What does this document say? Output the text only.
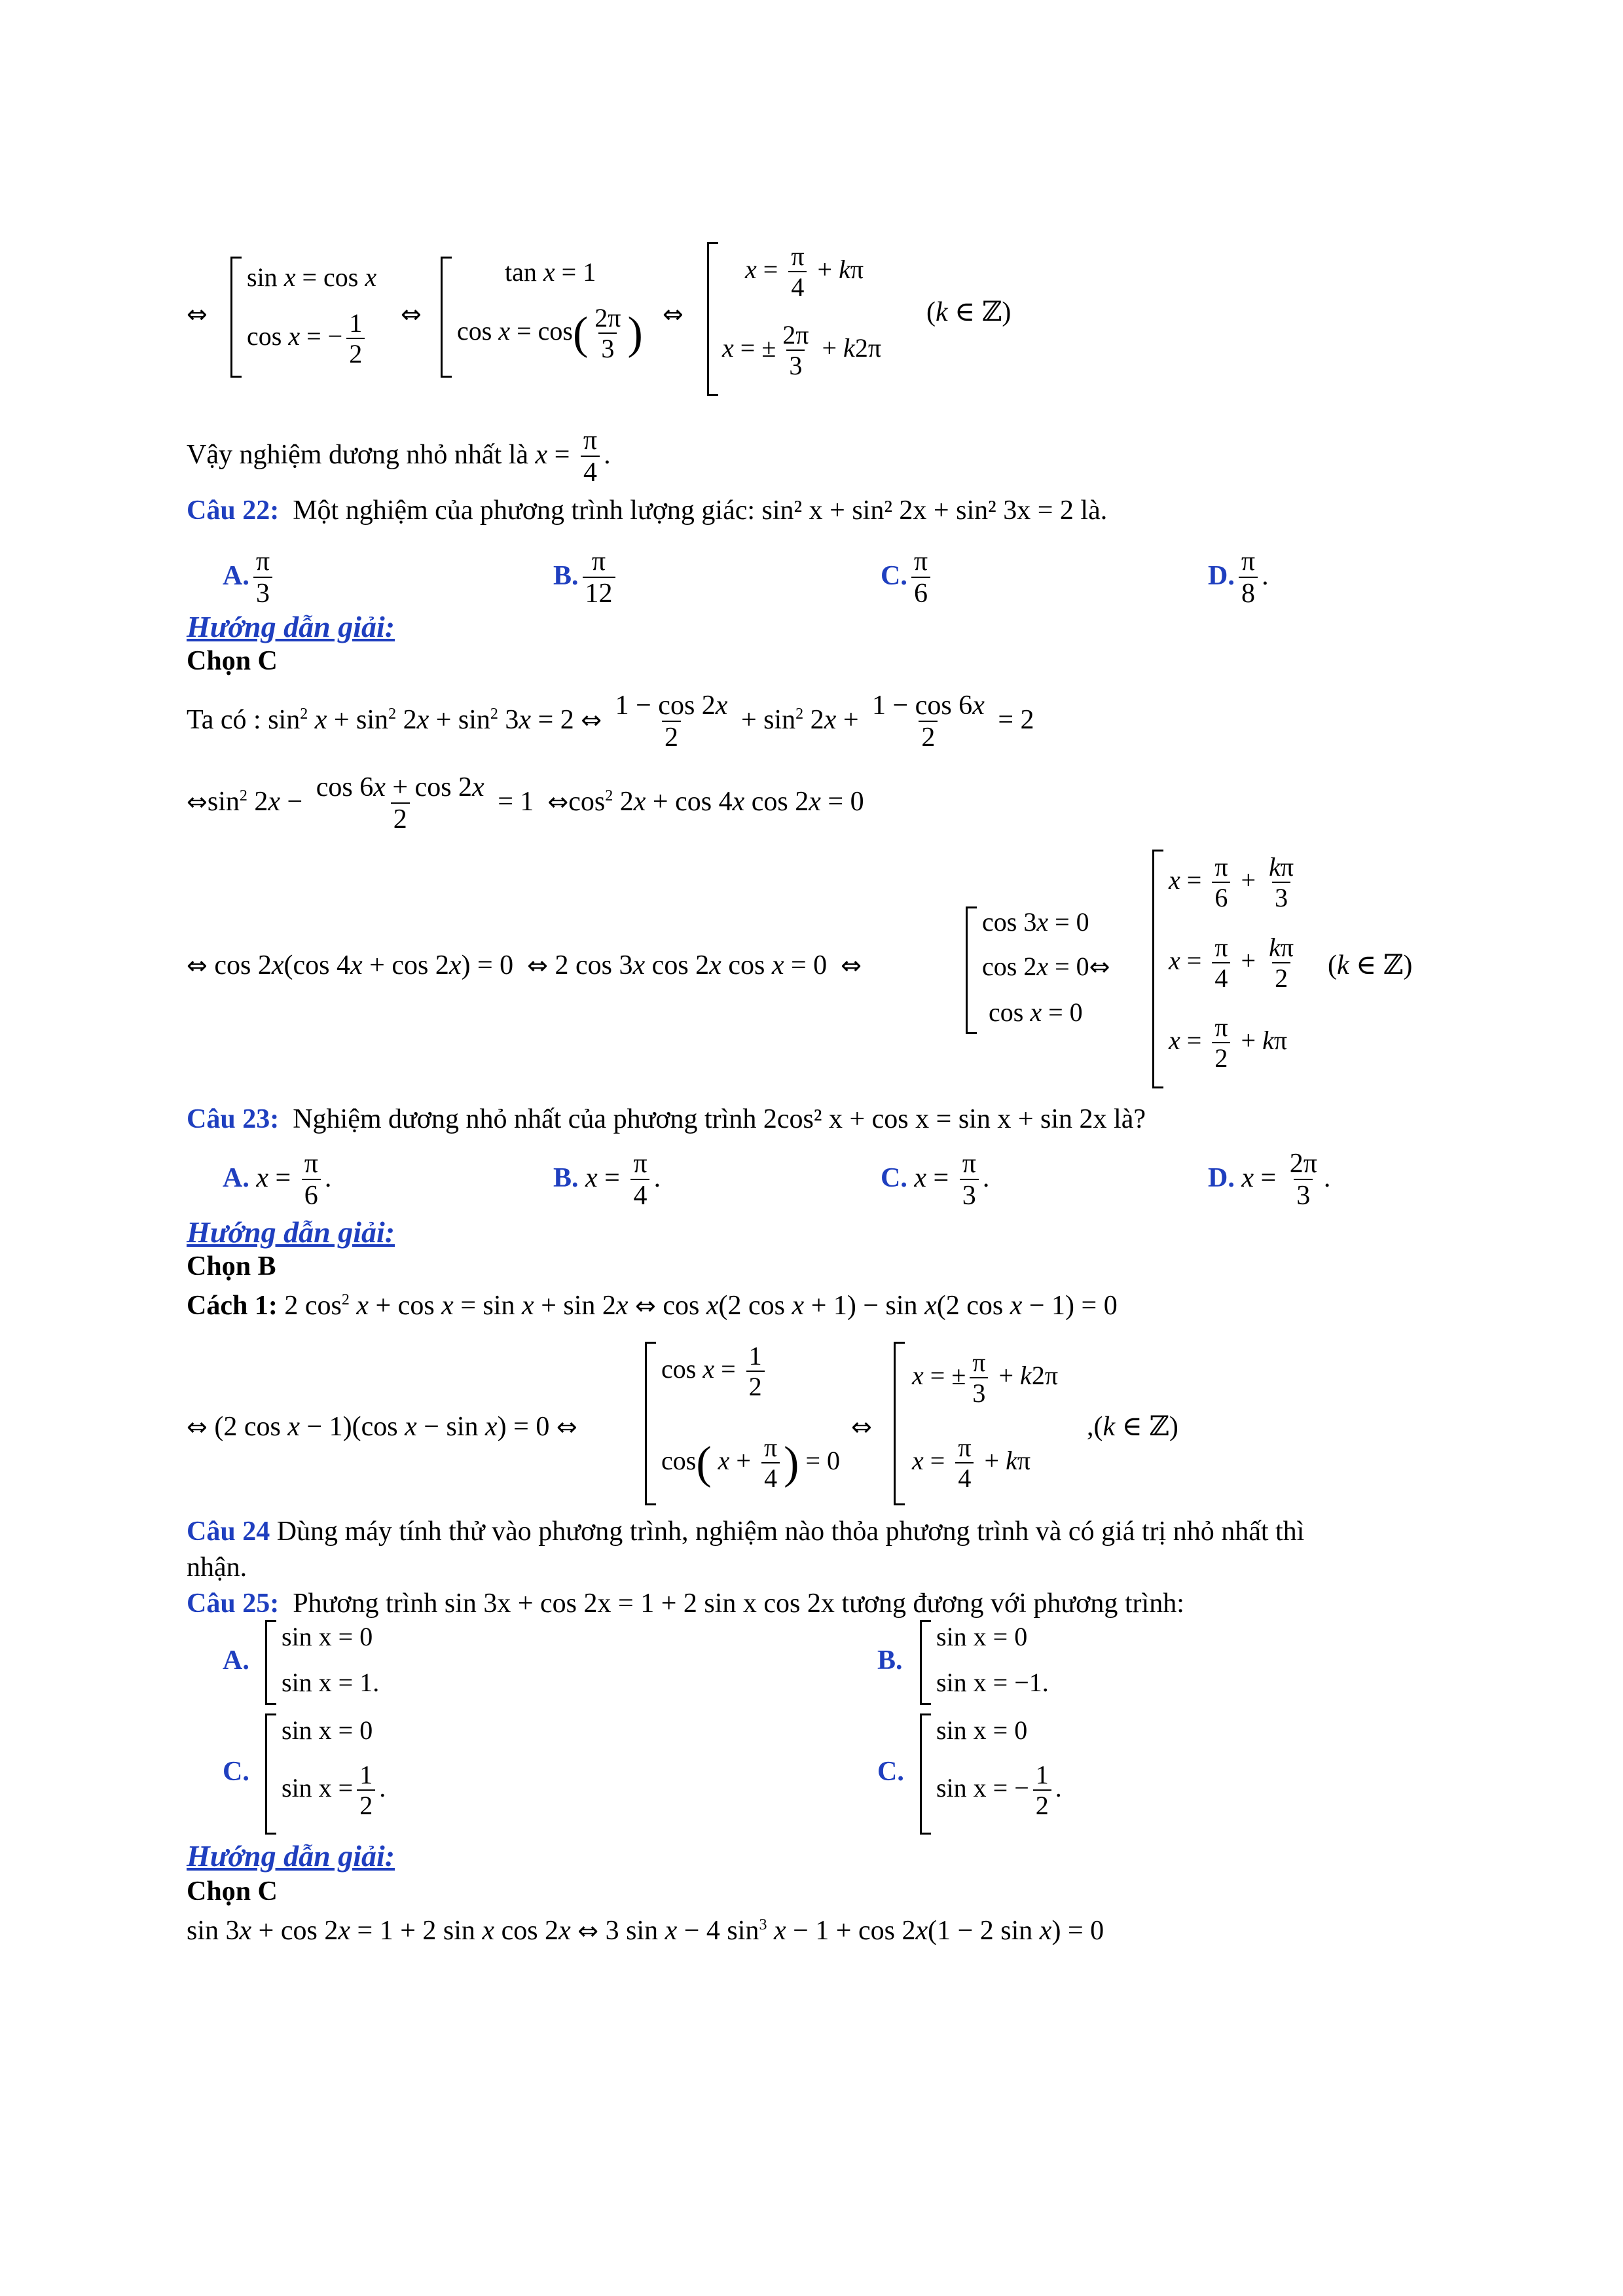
⇔
sin x = cos x
cos x = − $\frac{1}{2}$ ⇔
tan x = 1
$\cos x = \cos( \frac{2\pi}{3}$ ) ⇔
$x = \frac{\pi}{4} + k\pi$
x = ± $\frac{2\pi}{3} + k2\pi$
(k ∈ ℤ)
Vậy nghiệm dương nhỏ nhất là $x = \frac{\pi}{4}$ .
Câu 22: Một nghiệm của phương trình lượng giác: sin² x + sin² 2x + sin² 3x = 2 là.
A. $\frac{\pi}{3}$	B. $\frac{\pi}{12}$	C. $\frac{\pi}{6}$	D. $\frac{\pi}{8}$ .
Hướng dẫn giải:
Chọn C
Ta có : $\sin^2 x + \sin^2 2x + \sin^2 3x = 2$ ⇔ $\frac{1 - \cos 2x}{2} + \sin^2 2x + \frac{1 - \cos 6x}{2} = 2$
$\Leftrightarrow\sin^2$ $2x - \frac{\cos 6x + \cos 2x}{2} = 1$  $\Leftrightarrow\cos^2$ 2x + cos 4x cos 2x = 0
⇔ cos 2x(cos 4x + cos 2x) = 0  ⇔ 2 cos 3x cos 2x cos x = 0  ⇔
cos 3x = 0
cos 2x = 0⇔
cos x = 0
$x = \frac{\pi}{6} + \frac{k\pi}{3}$
$x = \frac{\pi}{4} + \frac{k\pi}{2}$
$x = \frac{\pi}{2} + k\pi$
(k ∈ ℤ)
Câu 23: Nghiệm dương nhỏ nhất của phương trình 2cos² x + cos x = sin x + sin 2x là?
A. $x = \frac{\pi}{6}$ .	B. $x = \frac{\pi}{4}$ .	C. $x = \frac{\pi}{3}$ .	D. $x = \frac{2\pi}{3}$ .
Hướng dẫn giải:
Chọn B
Cách 1: 2 $\cos^2 x + \cos x = \sin x + \sin 2x$ ⇔ cos x(2 cos x + 1) − sin x(2 cos x − 1) = 0
⇔ (2 cos x − 1)(cos x − sin x) = 0 ⇔
$\cos x = \frac{1}{2}$
cos( $x + \frac{\pi}{4}$ ) = 0
⇔
x = ± $\frac{\pi}{3} + k2\pi$
$x = \frac{\pi}{4} + k\pi$
,(k ∈ ℤ)
Câu 24 Dùng máy tính thử vào phương trình, nghiệm nào thỏa phương trình và có giá trị nhỏ nhất thì
nhận.
Câu 25: Phương trình sin 3x + cos 2x = 1 + 2 sin x cos 2x tương đương với phương trình:
A.
sin x = 0
sin x = 1.
B.
sin x = 0
sin x = −1.
C.
sin x = 0
$\sin x = \frac{1}{2}$ .
C.
sin x = 0
sin x = − $\frac{1}{2}$ .
Hướng dẫn giải:
Chọn C
sin 3x + cos 2x = 1 + 2 sin x cos 2x ⇔ 3 sin x − 4 $\sin^3 x - 1 + \cos 2x(1 - 2$ sin x) = 0
